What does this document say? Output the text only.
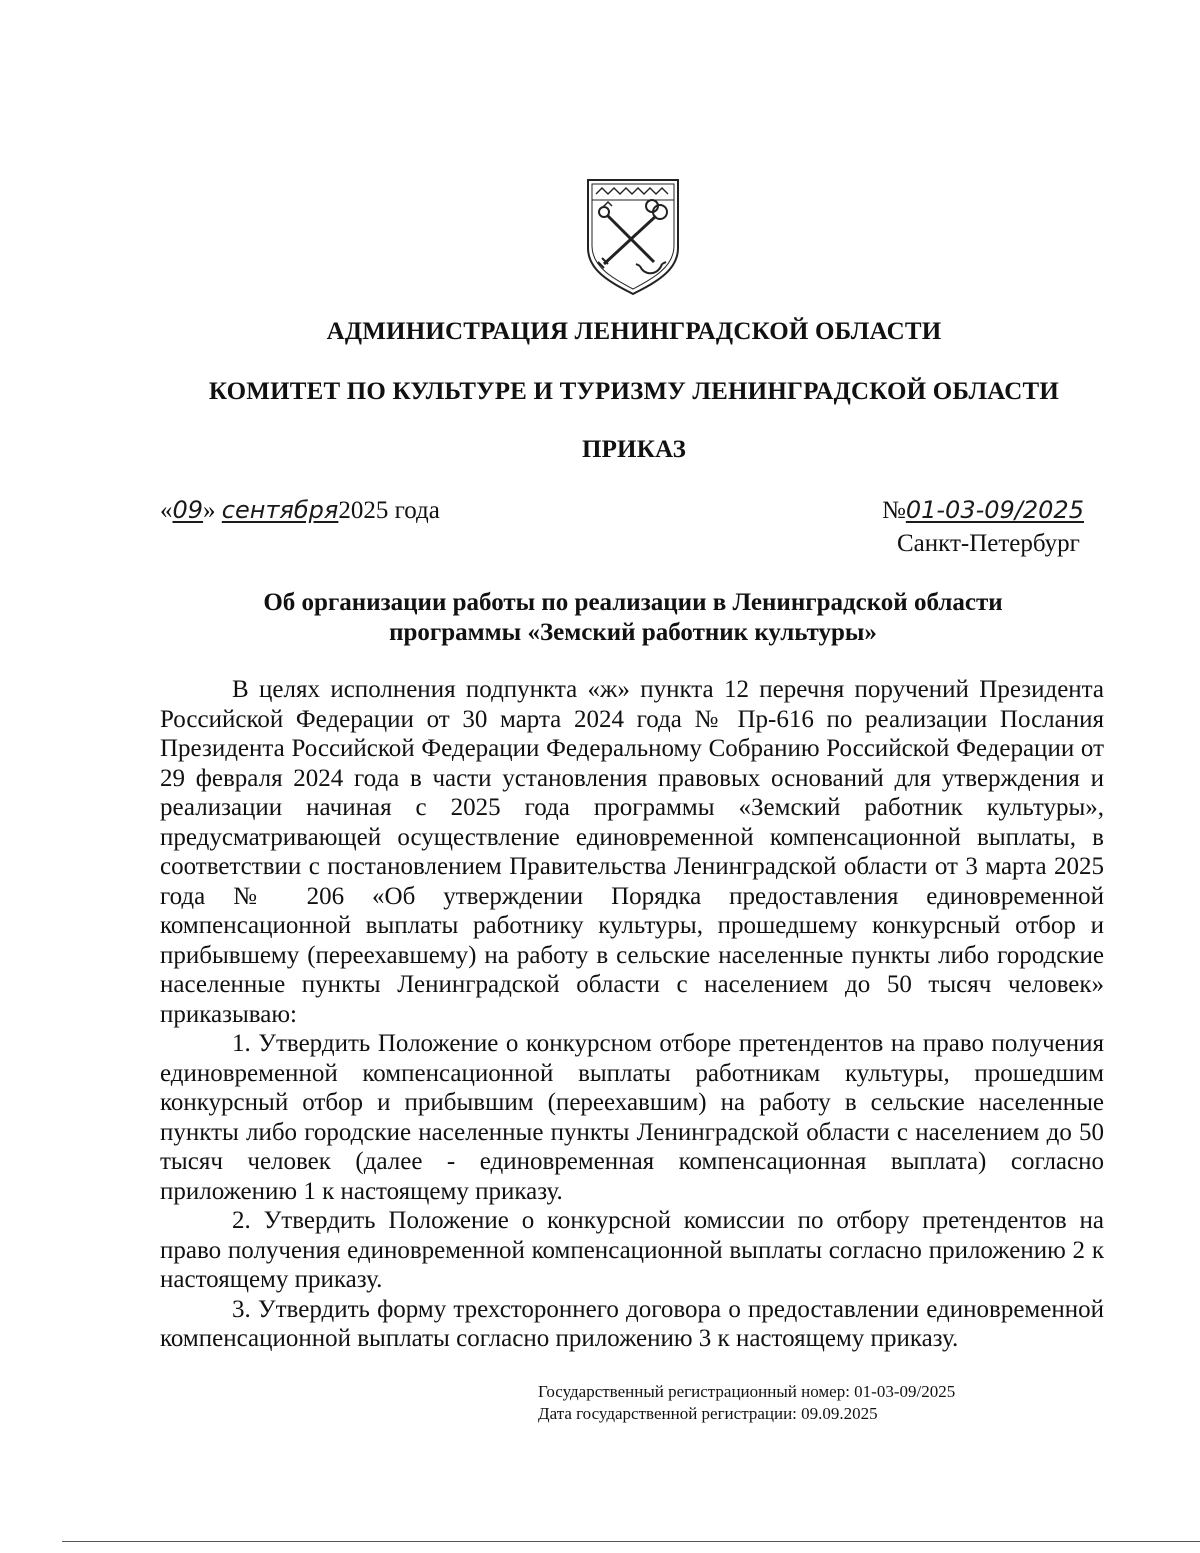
АДМИНИСТРАЦИЯ ЛЕНИНГРАДСКОЙ ОБЛАСТИ
КОМИТЕТ ПО КУЛЬТУРЕ И ТУРИЗМУ ЛЕНИНГРАДСКОЙ ОБЛАСТИ
ПРИКАЗ
«09» сентября2025 года	№01-03-09/2025
Санкт-Петербург
Об организации работы по реализации в Ленинградской области
программы «Земский работник культуры»

В целях исполнения подпункта «ж» пункта 12 перечня поручений Президента Российской Федерации от 30 марта 2024 года № Пр-616 по реализации Послания Президента Российской Федерации Федеральному Собранию Российской Федерации от 29 февраля 2024 года в части установления правовых оснований для утверждения и реализации начиная с 2025 года программы «Земский работник культуры», предусматривающей осуществление единовременной компенсационной выплаты, в соответствии с постановлением Правительства Ленинградской области от 3 марта 2025 года № 206 «Об утверждении Порядка предоставления единовременной компенсационной выплаты работнику культуры, прошедшему конкурсный отбор и прибывшему (переехавшему) на работу в сельские населенные пункты либо городские населенные пункты Ленинградской области с населением до 50 тысяч человек» приказываю:

1. Утвердить Положение о конкурсном отборе претендентов на право получения единовременной компенсационной выплаты работникам культуры, прошедшим конкурсный отбор и прибывшим (переехавшим) на работу в сельские населенные пункты либо городские населенные пункты Ленинградской области с населением до 50 тысяч человек (далее - единовременная компенсационная выплата) согласно приложению 1 к настоящему приказу.

2. Утвердить Положение о конкурсной комиссии по отбору претендентов на право получения единовременной компенсационной выплаты согласно приложению 2 к настоящему приказу.

3. Утвердить форму трехстороннего договора о предоставлении единовременной компенсационной выплаты согласно приложению 3 к настоящему приказу.

Государственный регистрационный номер: 01-03-09/2025
Дата государственной регистрации: 09.09.2025
